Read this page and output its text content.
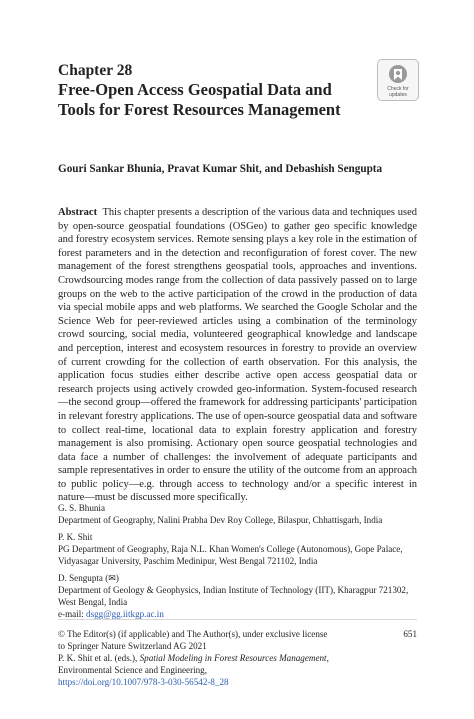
Chapter 28
Free-Open Access Geospatial Data and Tools for Forest Resources Management
Check for
updates
Gouri Sankar Bhunia, Pravat Kumar Shit, and Debashish Sengupta

Abstract This chapter presents a description of the various data and techniques used by open-source geospatial foundations (OSGeo) to gather geo specific knowledge and forestry ecosystem services. Remote sensing plays a key role in the estimation of forest parameters and in the detection and reconfiguration of forest cover. The new management of the forest strengthens geospatial tools, approaches and inventions. Crowdsourcing modes range from the collection of data passively passed on to large groups on the web to the active participation of the crowd in the production of data via special mobile apps and web platforms. We searched the Google Scholar and the Science Web for peer-reviewed articles using a combination of the terminology crowd sourcing, social media, volunteered geographical knowledge and landscape and perception, interest and ecosystem resources in forestry to provide an overview of current crowding for the collection of earth observation. For this analysis, the application focus studies either describe active open access geospatial data or research projects using actively crowded geo-information. System-focused research—the second group—offered the framework for addressing participants' participation in relevant forestry applications. The use of open-source geospatial data and software to collect real-time, locational data to explain forestry application and forestry management is also promising. Actionary open source geospatial technologies and data face a number of challenges: the involvement of adequate participants and sample representatives in order to ensure the utility of the outcome from an approach to public policy—e.g. through access to technology and/or a specific interest in nature—must be discussed more specifically.

G. S. Bhunia
Department of Geography, Nalini Prabha Dev Roy College, Bilaspur, Chhattisgarh, India
P. K. Shit
PG Department of Geography, Raja N.L. Khan Women's College (Autonomous), Gope Palace,
Vidyasagar University, Paschim Medinipur, West Bengal 721102, India
D. Sengupta (✉)
Department of Geology & Geophysics, Indian Institute of Technology (IIT), Kharagpur 721302,
West Bengal, India
e-mail: dsgg@gg.iitkgp.ac.in
© The Editor(s) (if applicable) and The Author(s), under exclusive license
to Springer Nature Switzerland AG 2021
P. K. Shit et al. (eds.), Spatial Modeling in Forest Resources Management,
Environmental Science and Engineering,
https://doi.org/10.1007/978-3-030-56542-8_28
651
